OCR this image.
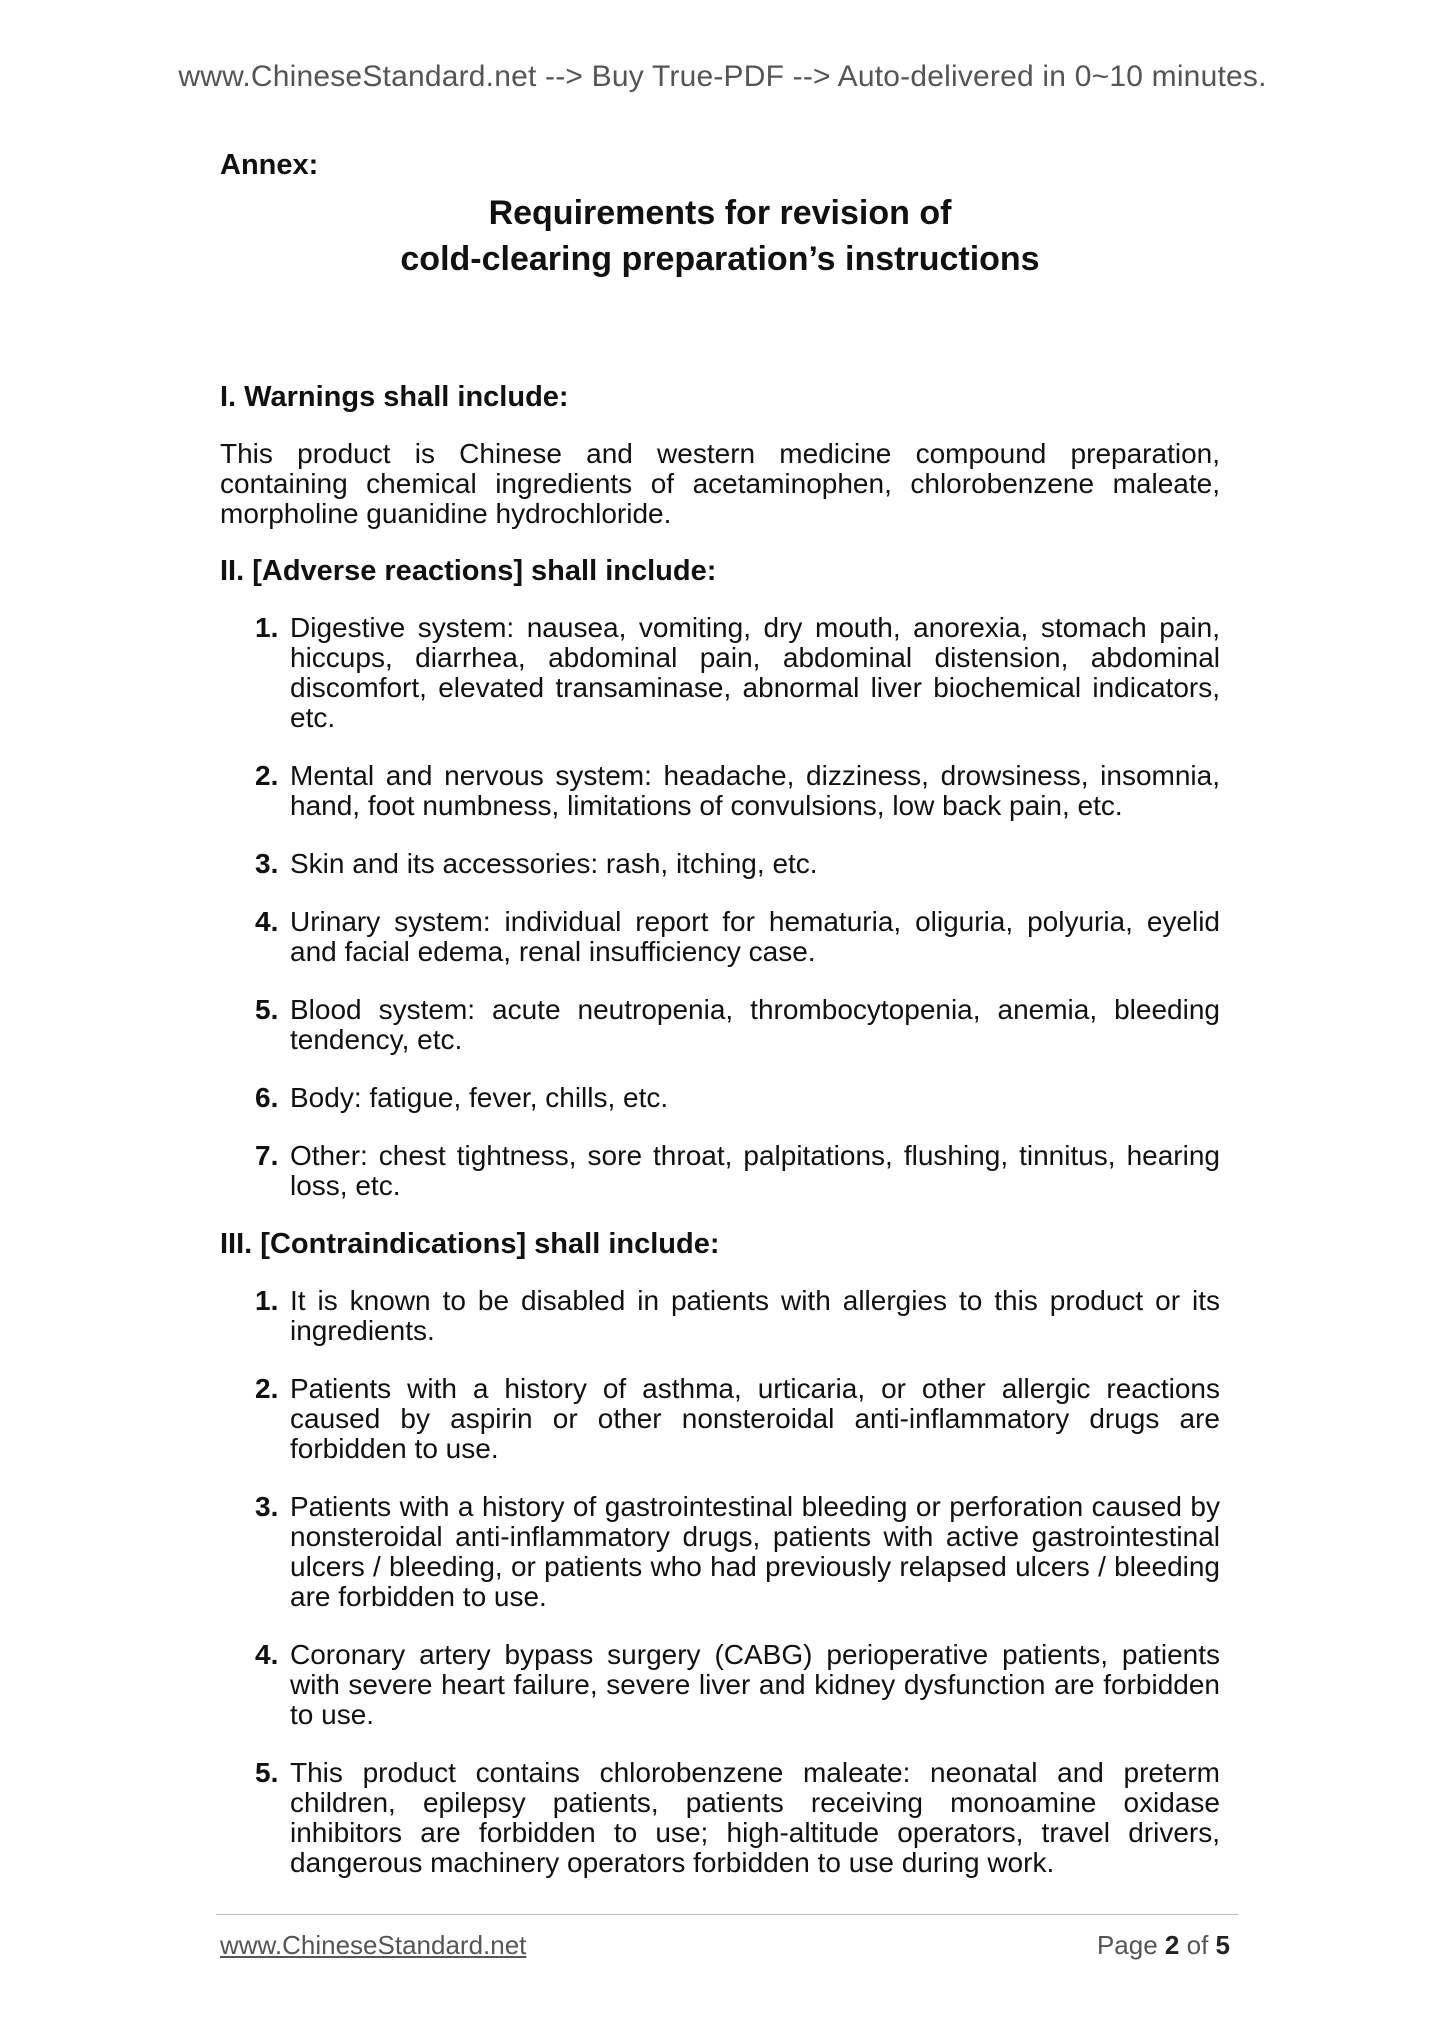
www.ChineseStandard.net --> Buy True-PDF --> Auto-delivered in 0~10 minutes.
Annex:
Requirements for revision of
cold-clearing preparation’s instructions
I. Warnings shall include:
This product is Chinese and western medicine compound preparation, containing chemical ingredients of acetaminophen, chlorobenzene maleate, morpholine guanidine hydrochloride.
II. [Adverse reactions] shall include:
1. Digestive system: nausea, vomiting, dry mouth, anorexia, stomach pain, hiccups, diarrhea, abdominal pain, abdominal distension, abdominal discomfort, elevated transaminase, abnormal liver biochemical indicators, etc.
2. Mental and nervous system: headache, dizziness, drowsiness, insomnia, hand, foot numbness, limitations of convulsions, low back pain, etc.
3. Skin and its accessories: rash, itching, etc.
4. Urinary system: individual report for hematuria, oliguria, polyuria, eyelid and facial edema, renal insufficiency case.
5. Blood system: acute neutropenia, thrombocytopenia, anemia, bleeding tendency, etc.
6. Body: fatigue, fever, chills, etc.
7. Other: chest tightness, sore throat, palpitations, flushing, tinnitus, hearing loss, etc.
III. [Contraindications] shall include:
1. It is known to be disabled in patients with allergies to this product or its ingredients.
2. Patients with a history of asthma, urticaria, or other allergic reactions caused by aspirin or other nonsteroidal anti-inflammatory drugs are forbidden to use.
3. Patients with a history of gastrointestinal bleeding or perforation caused by nonsteroidal anti-inflammatory drugs, patients with active gastrointestinal ulcers / bleeding, or patients who had previously relapsed ulcers / bleeding are forbidden to use.
4. Coronary artery bypass surgery (CABG) perioperative patients, patients with severe heart failure, severe liver and kidney dysfunction are forbidden to use.
5. This product contains chlorobenzene maleate: neonatal and preterm children, epilepsy patients, patients receiving monoamine oxidase inhibitors are forbidden to use; high-altitude operators, travel drivers, dangerous machinery operators forbidden to use during work.
www.ChineseStandard.net	Page 2 of 5
